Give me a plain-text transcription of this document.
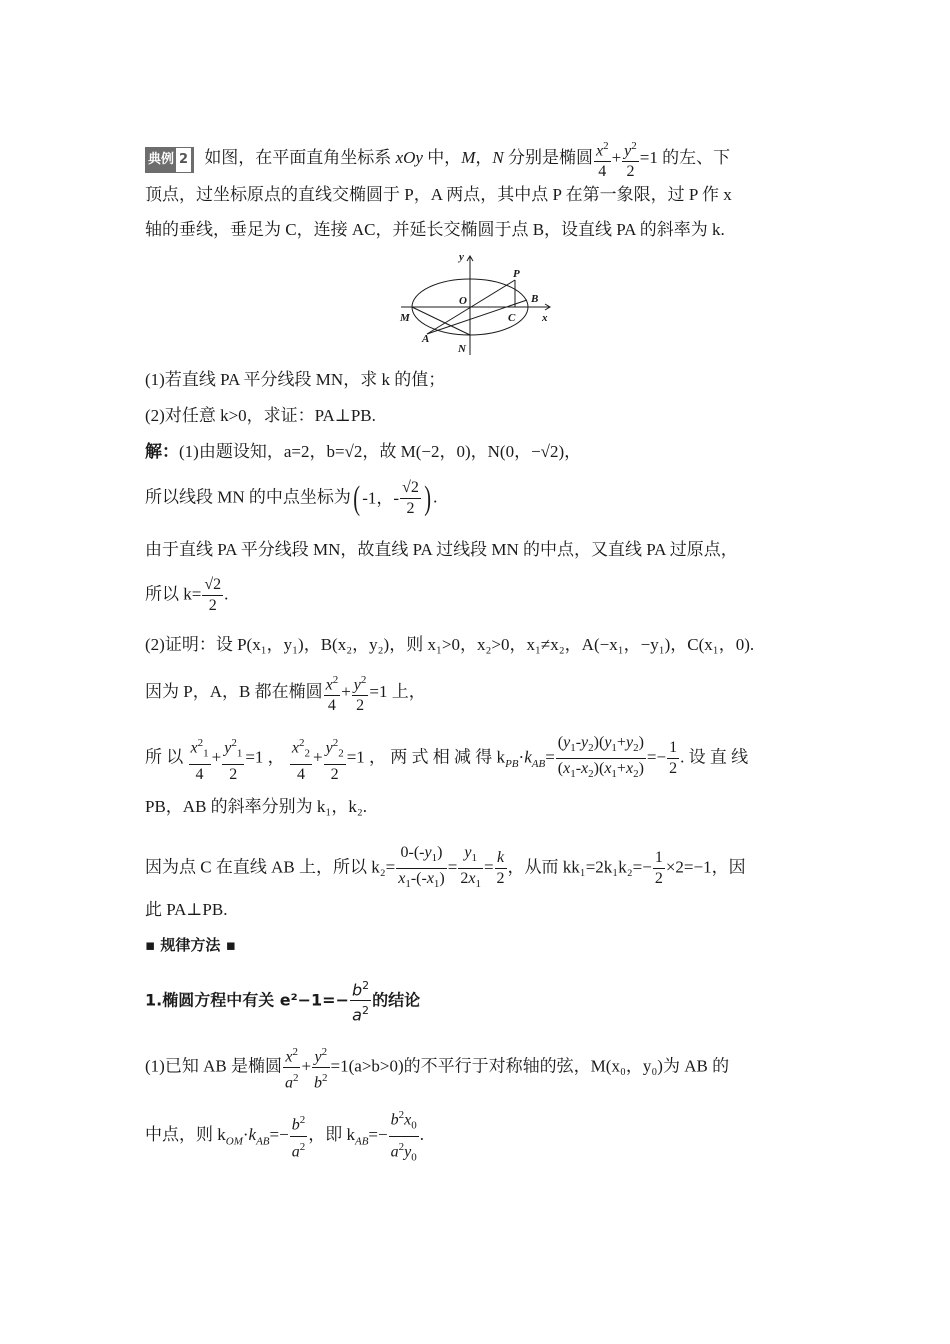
典例 2 如图，在平面直角坐标系 xOy 中，M，N 分别是椭圆 $\frac{x^2}{4} + \frac{y^2}{2} =1$ 的左、下
顶点，过坐标原点的直线交椭圆于 P，A 两点，其中点 P 在第一象限，过 P 作 x
轴的垂线，垂足为 C，连接 AC，并延长交椭圆于点 B，设直线 PA 的斜率为 k.
y
P
O	B
M	C x
A
N
(1)若直线 PA 平分线段 MN，求 k 的值；
(2)对任意 k>0，求证：PA⊥PB.
解：(1)由题设知，a=2，b=√2，故 M(−2，0)，N(0，−√2)，
所以线段 MN 的中点坐标为( -1，- $\frac{√2}{2}$ ) .
由于直线 PA 平分线段 MN，故直线 PA 过线段 MN 的中点，又直线 PA 过原点，
所以 $k= \frac{√2}{2}$ .
(2)证明：设 P(x₁，y₁)，B(x₂，y₂)，则 x₁>0，x₂>0，x₁≠x₂，A(−x₁，−y₁)，C(x₁，0).
因为 P，A，B 都在椭圆 $\frac{x^2}{4} + \frac{y^2}{2} =1$ 上，
所 以 $\frac{x^2_1}{4} + \frac{y^2_1}{2} =1$ ， $\frac{x^2_2}{4} + \frac{y^2_2}{2} =1$ ， 两 式 相 减 得 $k_{PB}\cdot k_{AB}= \frac{(y_1-y_2)(y_1+y_2)}{(x_1-x_2)(x_1+x_2)} =- \frac{1}{2}$ . 设 直 线
PB，AB 的斜率分别为 k₁，k₂.
因为点 C 在直线 AB 上，所以 $k_2= \frac{0-(-y_1)}{x_1-(-x_1)} = \frac{y_1}{2x_1} = \frac{k}{2}$ ，从而 $kk_1=2k_1k_2=- \frac{1}{2} \times 2=-1$，因
此 PA⊥PB.
▪ 规律方法 ▪
1.椭圆方程中有关 $e^2-1=- \frac{b^2}{a^2}$ 的结论
(1)已知 AB 是椭圆 $\frac{x^2}{a^2} + \frac{y^2}{b^2} =1(a>b>0)$的不平行于对称轴的弦，M(x₀，y₀)为 AB 的
中点，则 $k_{OM}\cdot k_{AB}=- \frac{b^2}{a^2}$ ，即 $k_{AB}=- \frac{b^2x_0}{a^2y_0}$ .
